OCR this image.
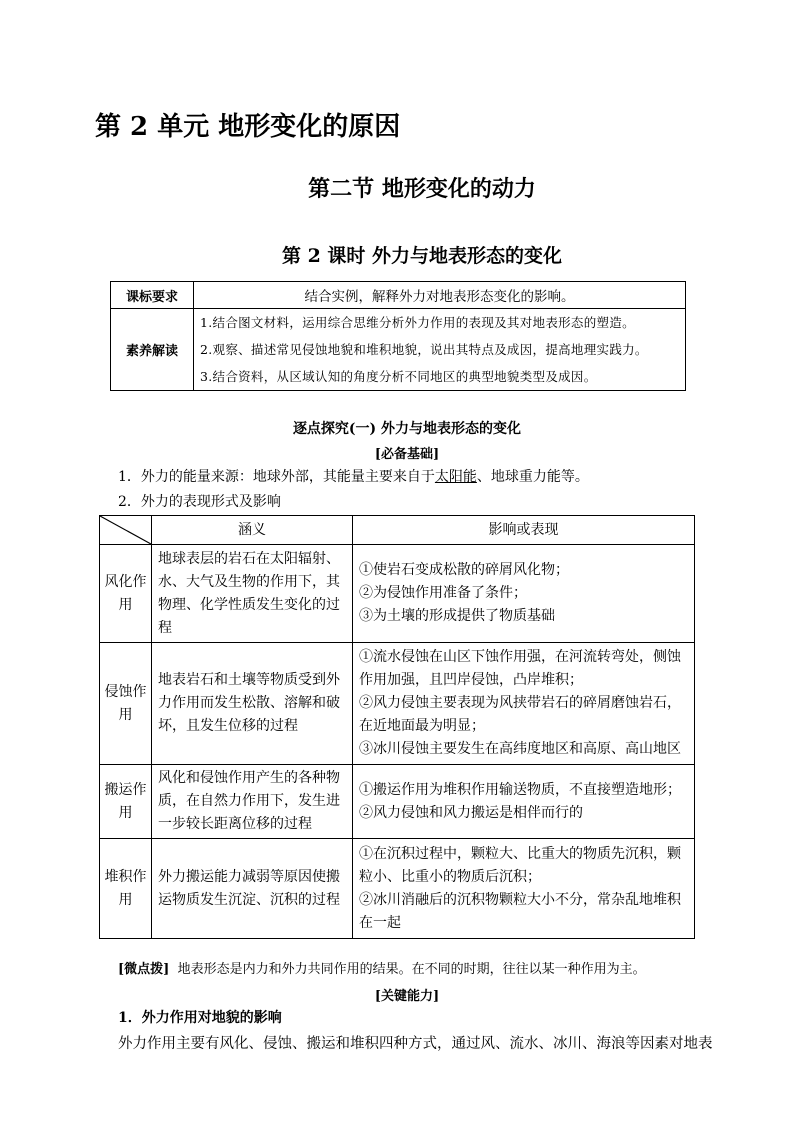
第 2 单元 地形变化的原因
第二节 地形变化的动力
第 2 课时 外力与地表形态的变化
课标要求	结合实例，解释外力对地表形态变化的影响。
素养解读	1.结合图文材料，运用综合思维分析外力作用的表现及其对地表形态的塑造。
2.观察、描述常见侵蚀地貌和堆积地貌，说出其特点及成因，提高地理实践力。
3.结合资料，从区域认知的角度分析不同地区的典型地貌类型及成因。
逐点探究(一) 外力与地表形态的变化
[必备基础]
1．外力的能量来源：地球外部，其能量主要来自于太阳能、地球重力能等。
2．外力的表现形式及影响
	涵义	影响或表现
风化作用	地球表层的岩石在太阳辐射、水、大气及生物的作用下，其物理、化学性质发生变化的过程	①使岩石变成松散的碎屑风化物；
②为侵蚀作用准备了条件；
③为土壤的形成提供了物质基础

侵蚀作用	地表岩石和土壤等物质受到外力作用而发生松散、溶解和破坏，且发生位移的过程	①流水侵蚀在山区下蚀作用强，在河流转弯处，侧蚀作用加强，且凹岸侵蚀，凸岸堆积；
②风力侵蚀主要表现为风挟带岩石的碎屑磨蚀岩石，在近地面最为明显；
③冰川侵蚀主要发生在高纬度地区和高原、高山地区

搬运作用	风化和侵蚀作用产生的各种物质，在自然力作用下，发生进一步较长距离位移的过程	①搬运作用为堆积作用输送物质，不直接塑造地形；
②风力侵蚀和风力搬运是相伴而行的

堆积作用	外力搬运能力减弱等原因使搬运物质发生沉淀、沉积的过程	①在沉积过程中，颗粒大、比重大的物质先沉积，颗粒小、比重小的物质后沉积；
②冰川消融后的沉积物颗粒大小不分，常杂乱地堆积在一起
[微点拨] 地表形态是内力和外力共同作用的结果。在不同的时期，往往以某一种作用为主。
[关键能力]
1．外力作用对地貌的影响
外力作用主要有风化、侵蚀、搬运和堆积四种方式，通过风、流水、冰川、海浪等因素对地表
